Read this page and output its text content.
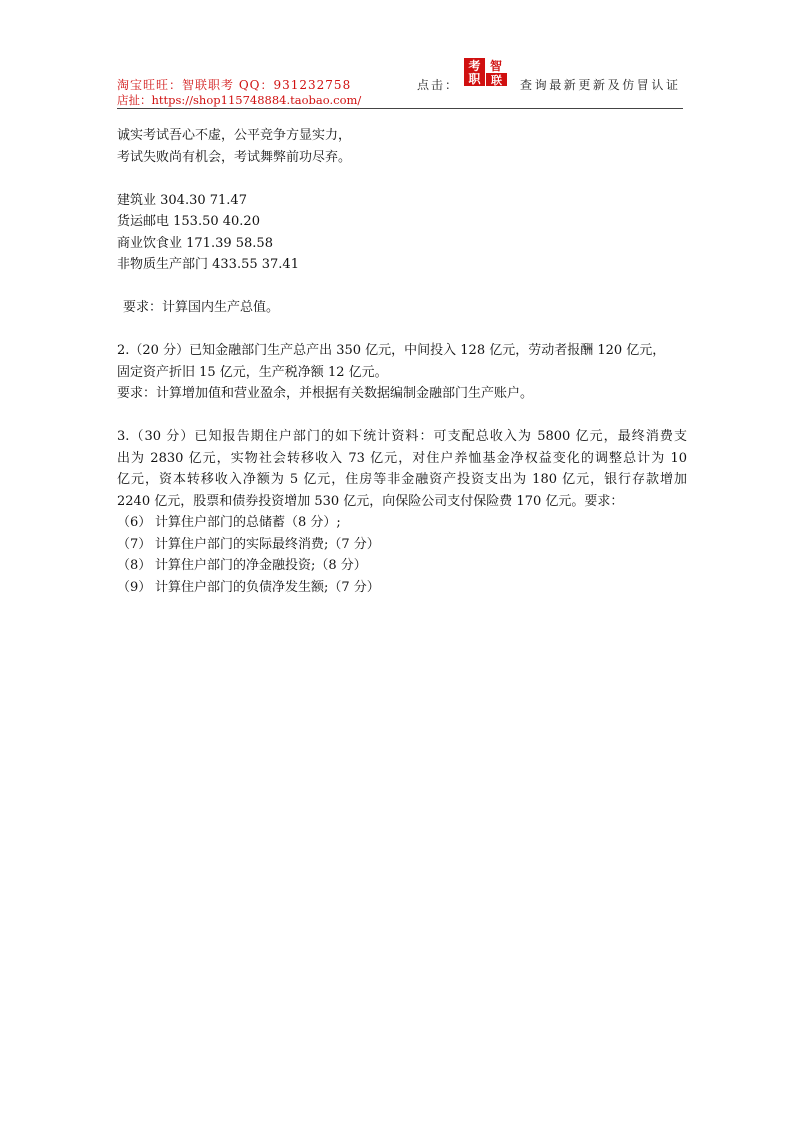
淘宝旺旺：智联职考 QQ：931232758
店扯：https://shop115748884.taobao.com/
点击：
考
职
智
联 查询最新更新及仿冒认证

诚实考试吾心不虚，公平竞争方显实力，

考试失败尚有机会，考试舞弊前功尽弃。

建筑业 304.30 71.47

货运邮电 153.50 40.20

商业饮食业 171.39 58.58

非物质生产部门 433.55 37.41

要求：计算国内生产总值。

2.（20 分）已知金融部门生产总产出 350 亿元，中间投入 128 亿元，劳动者报酬 120 亿元，

固定资产折旧 15 亿元，生产税净额 12 亿元。

要求：计算增加值和营业盈余，并根据有关数据编制金融部门生产账户。

3.（30 分）已知报告期住户部门的如下统计资料：可支配总收入为 5800 亿元，最终消费支

出为 2830 亿元，实物社会转移收入 73 亿元，对住户养恤基金净权益变化的调整总计为 10

亿元，资本转移收入净额为 5 亿元，住房等非金融资产投资支出为 180 亿元，银行存款增加

2240 亿元，股票和债券投资增加 530 亿元，向保险公司支付保险费 170 亿元。要求：

（6） 计算住户部门的总储蓄（8 分）;

（7） 计算住户部门的实际最终消费;（7 分）

（8） 计算住户部门的净金融投资;（8 分）

（9） 计算住户部门的负债净发生额;（7 分）
